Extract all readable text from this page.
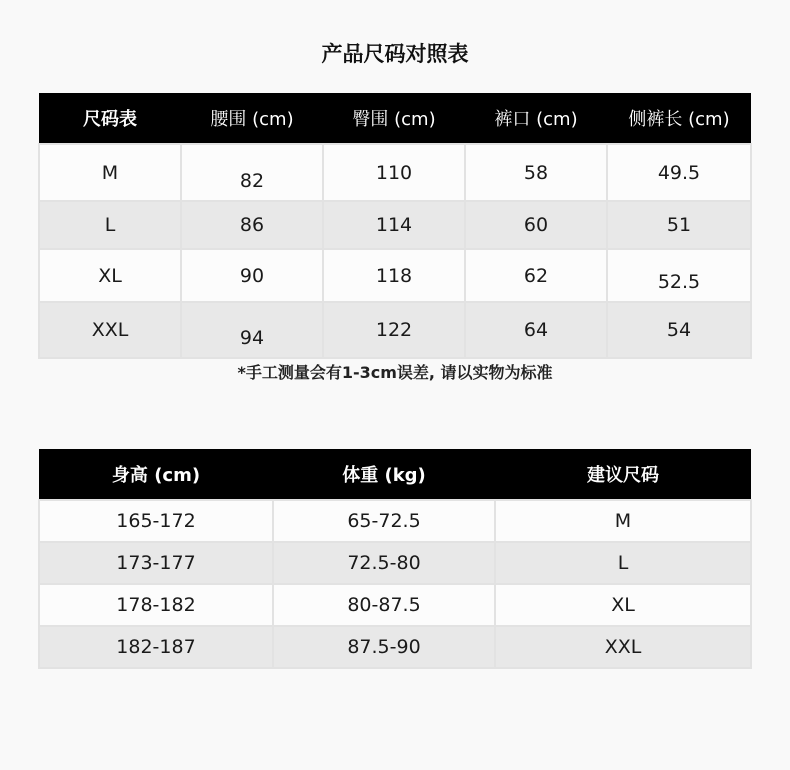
产品尺码对照表
尺码表	腰围 (cm)	臀围 (cm)	裤口 (cm)	侧裤长 (cm)
M	82	110	58	49.5
L	86	114	60	51
XL	90	118	62	52.5
XXL	94	122	64	54
*手工测量会有1-3cm误差, 请以实物为标准
身高 (cm)	体重 (kg)	建议尺码
165-172	65-72.5	M
173-177	72.5-80	L
178-182	80-87.5	XL
182-187	87.5-90	XXL
